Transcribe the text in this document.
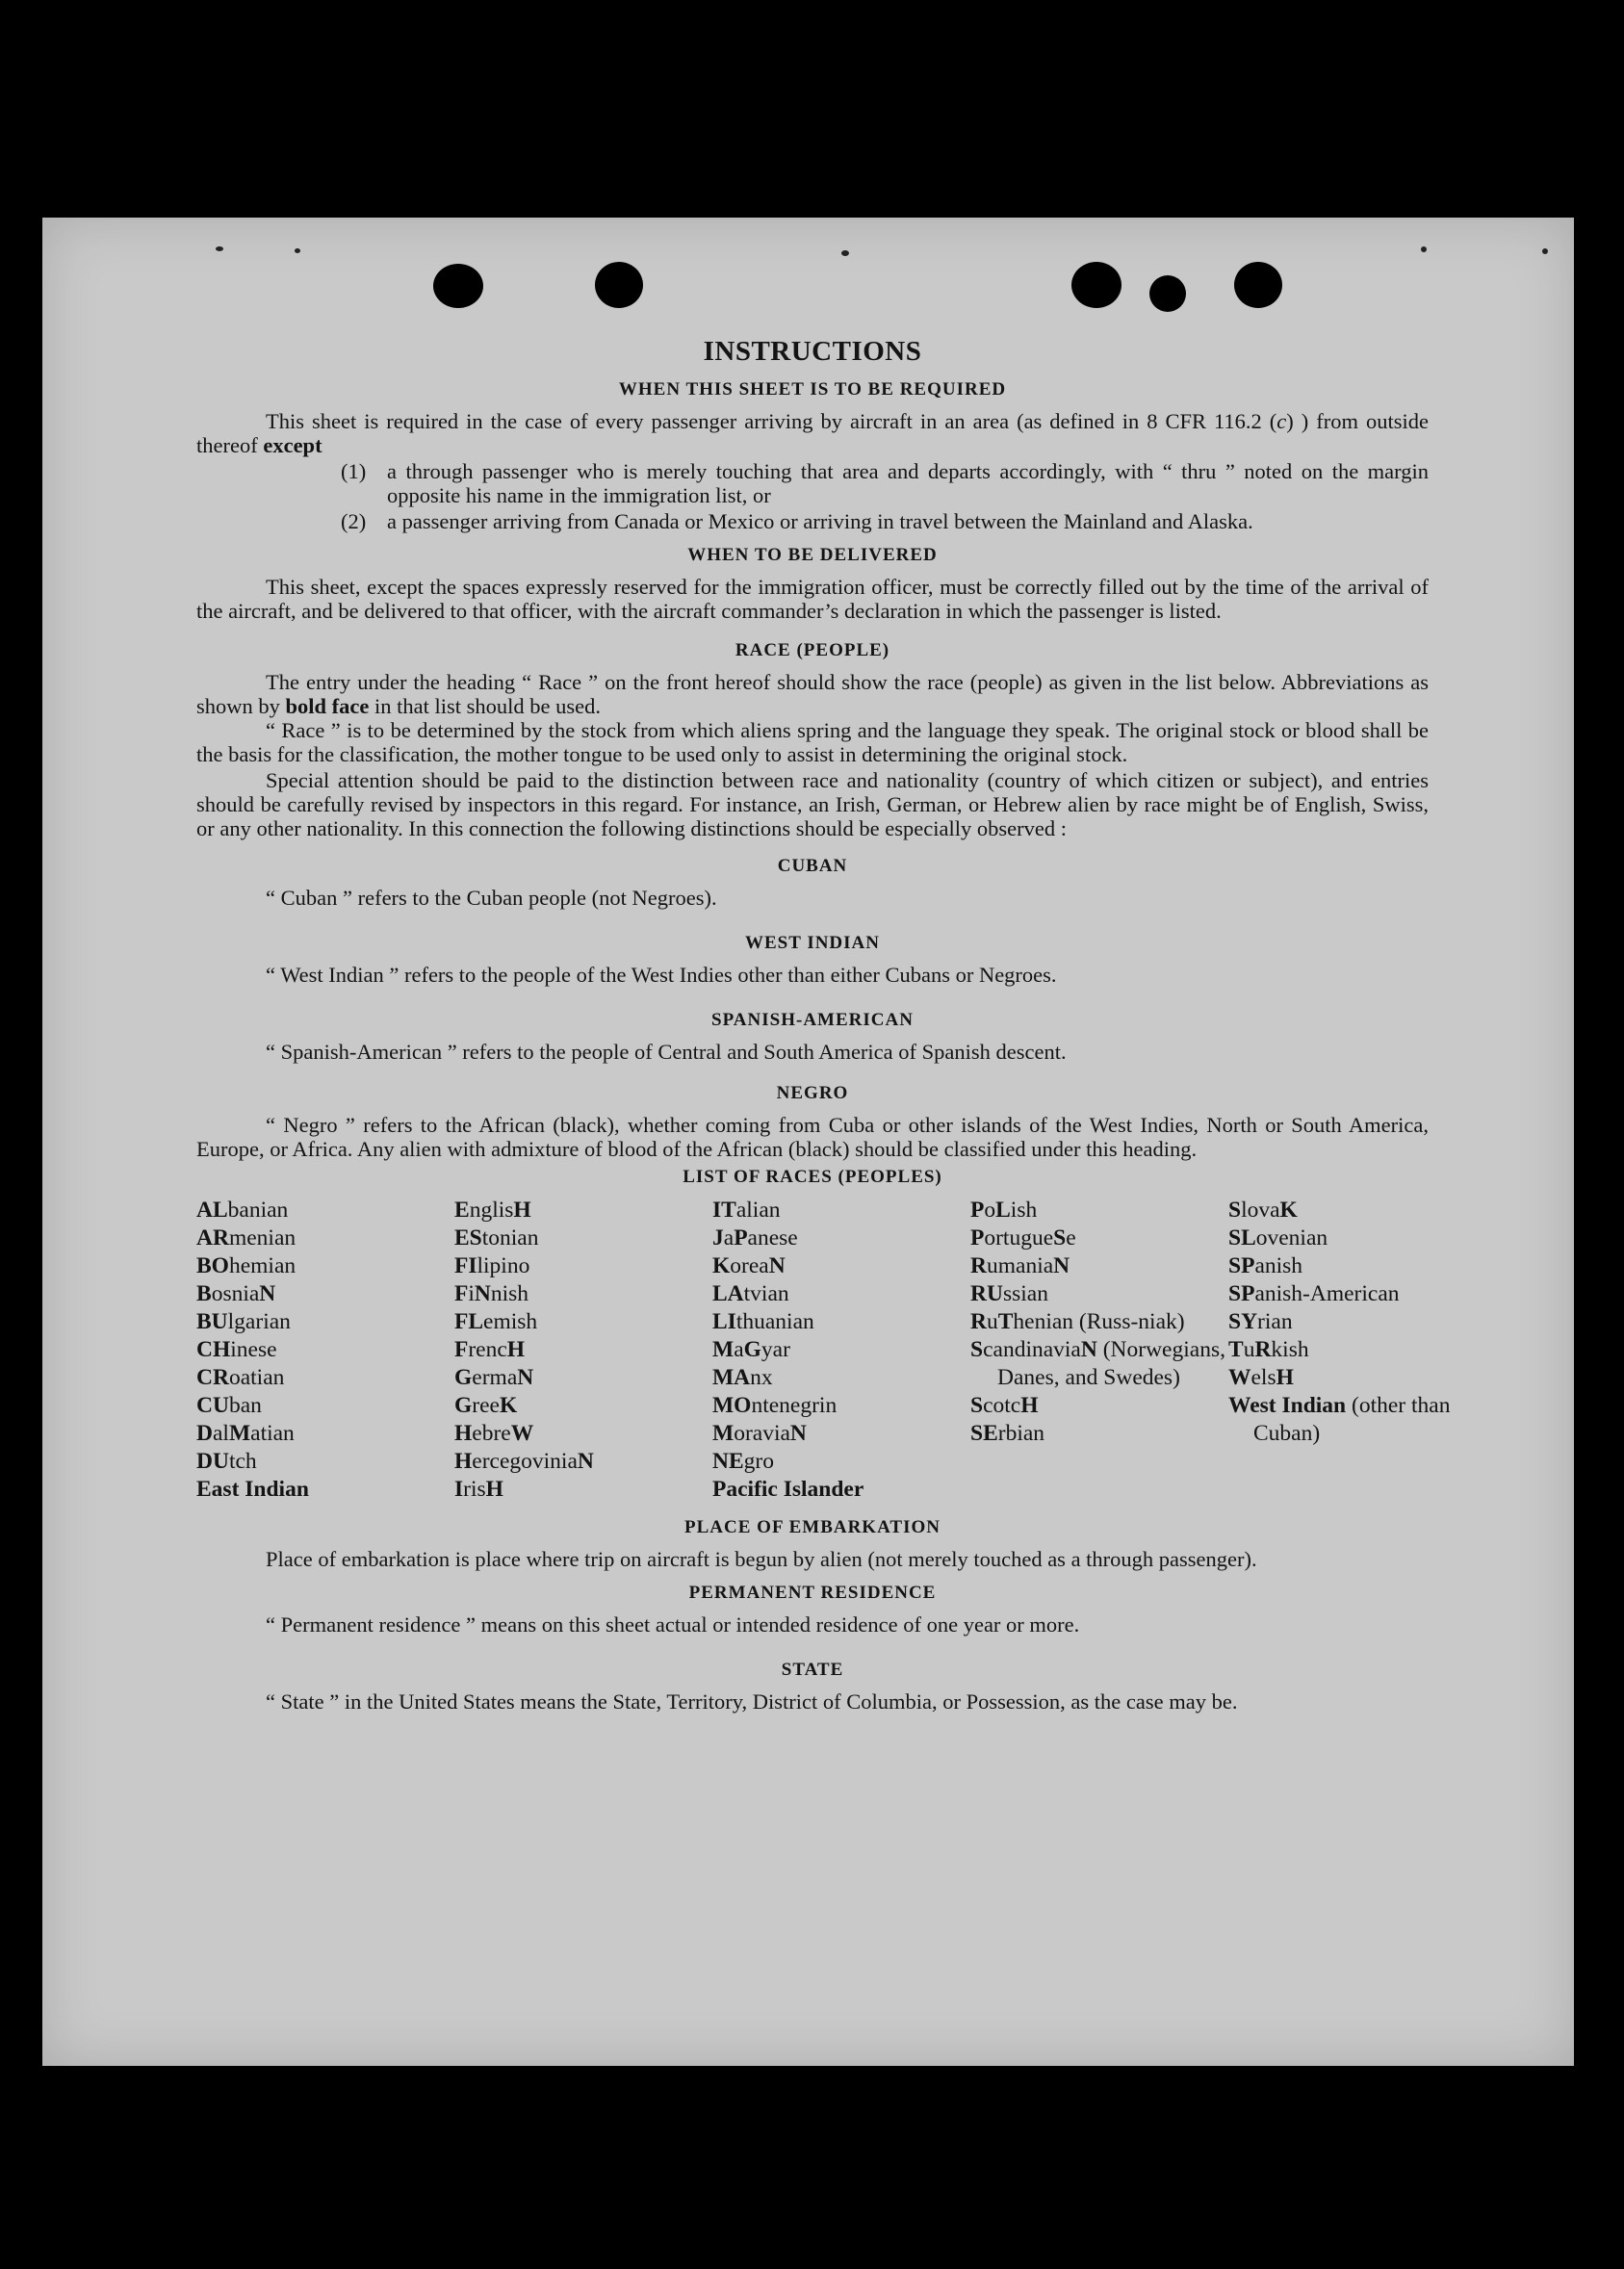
INSTRUCTIONS
WHEN THIS SHEET IS TO BE REQUIRED

This sheet is required in the case of every passenger arriving by aircraft in an area (as defined in 8 CFR 116.2 (c) ) from outside thereof except

(1) a through passenger who is merely touching that area and departs accordingly, with “ thru ” noted on the margin opposite his name in the immigration list, or
(2) a passenger arriving from Canada or Mexico or arriving in travel between the Mainland and Alaska.
WHEN TO BE DELIVERED

This sheet, except the spaces expressly reserved for the immigration officer, must be correctly filled out by the time of the arrival of the aircraft, and be delivered to that officer, with the aircraft commander’s declaration in which the passenger is listed.

RACE (PEOPLE)

The entry under the heading “ Race ” on the front hereof should show the race (people) as given in the list below. Abbreviations as shown by bold face in that list should be used.

“ Race ” is to be determined by the stock from which aliens spring and the language they speak. The original stock or blood shall be the basis for the classification, the mother tongue to be used only to assist in determining the original stock.

Special attention should be paid to the distinction between race and nationality (country of which citizen or subject), and entries should be carefully revised by inspectors in this regard. For instance, an Irish, German, or Hebrew alien by race might be of English, Swiss, or any other nationality. In this connection the following distinctions should be especially observed :

CUBAN

“ Cuban ” refers to the Cuban people (not Negroes).

WEST INDIAN

“ West Indian ” refers to the people of the West Indies other than either Cubans or Negroes.

SPANISH-AMERICAN

“ Spanish-American ” refers to the people of Central and South America of Spanish descent.

NEGRO

“ Negro ” refers to the African (black), whether coming from Cuba or other islands of the West Indies, North or South America, Europe, or Africa. Any alien with admixture of blood of the African (black) should be classified under this heading.

LIST OF RACES (PEOPLES)
ALbanian
ARmenian
BOhemian
BosniaN
BUlgarian
CHinese
CRoatian
CUban
DalMatian
DUtch
East Indian
EnglisH
EStonian
FIlipino
FiNnish
FLemish
FrencH
GermaN
GreeK
HebreW
HercegoviniaN
IrisH
ITalian
JaPanese
KoreaN
LAtvian
LIthuanian
MaGyar
MAnx
MOntenegrin
MoraviaN
NEgro
Pacific Islander
PoLish
PortugueSe
RumaniaN
RUssian
RuThenian (Russ-niak)
ScandinaviaN (Norwegians, Danes, and Swedes)
ScotcH
SErbian
SlovaK
SLovenian
SPanish
SPanish-American
SYrian
TuRkish
WelsH
West Indian (other than Cuban)
PLACE OF EMBARKATION

Place of embarkation is place where trip on aircraft is begun by alien (not merely touched as a through passenger).

PERMANENT RESIDENCE

“ Permanent residence ” means on this sheet actual or intended residence of one year or more.

STATE

“ State ” in the United States means the State, Territory, District of Columbia, or Possession, as the case may be.
